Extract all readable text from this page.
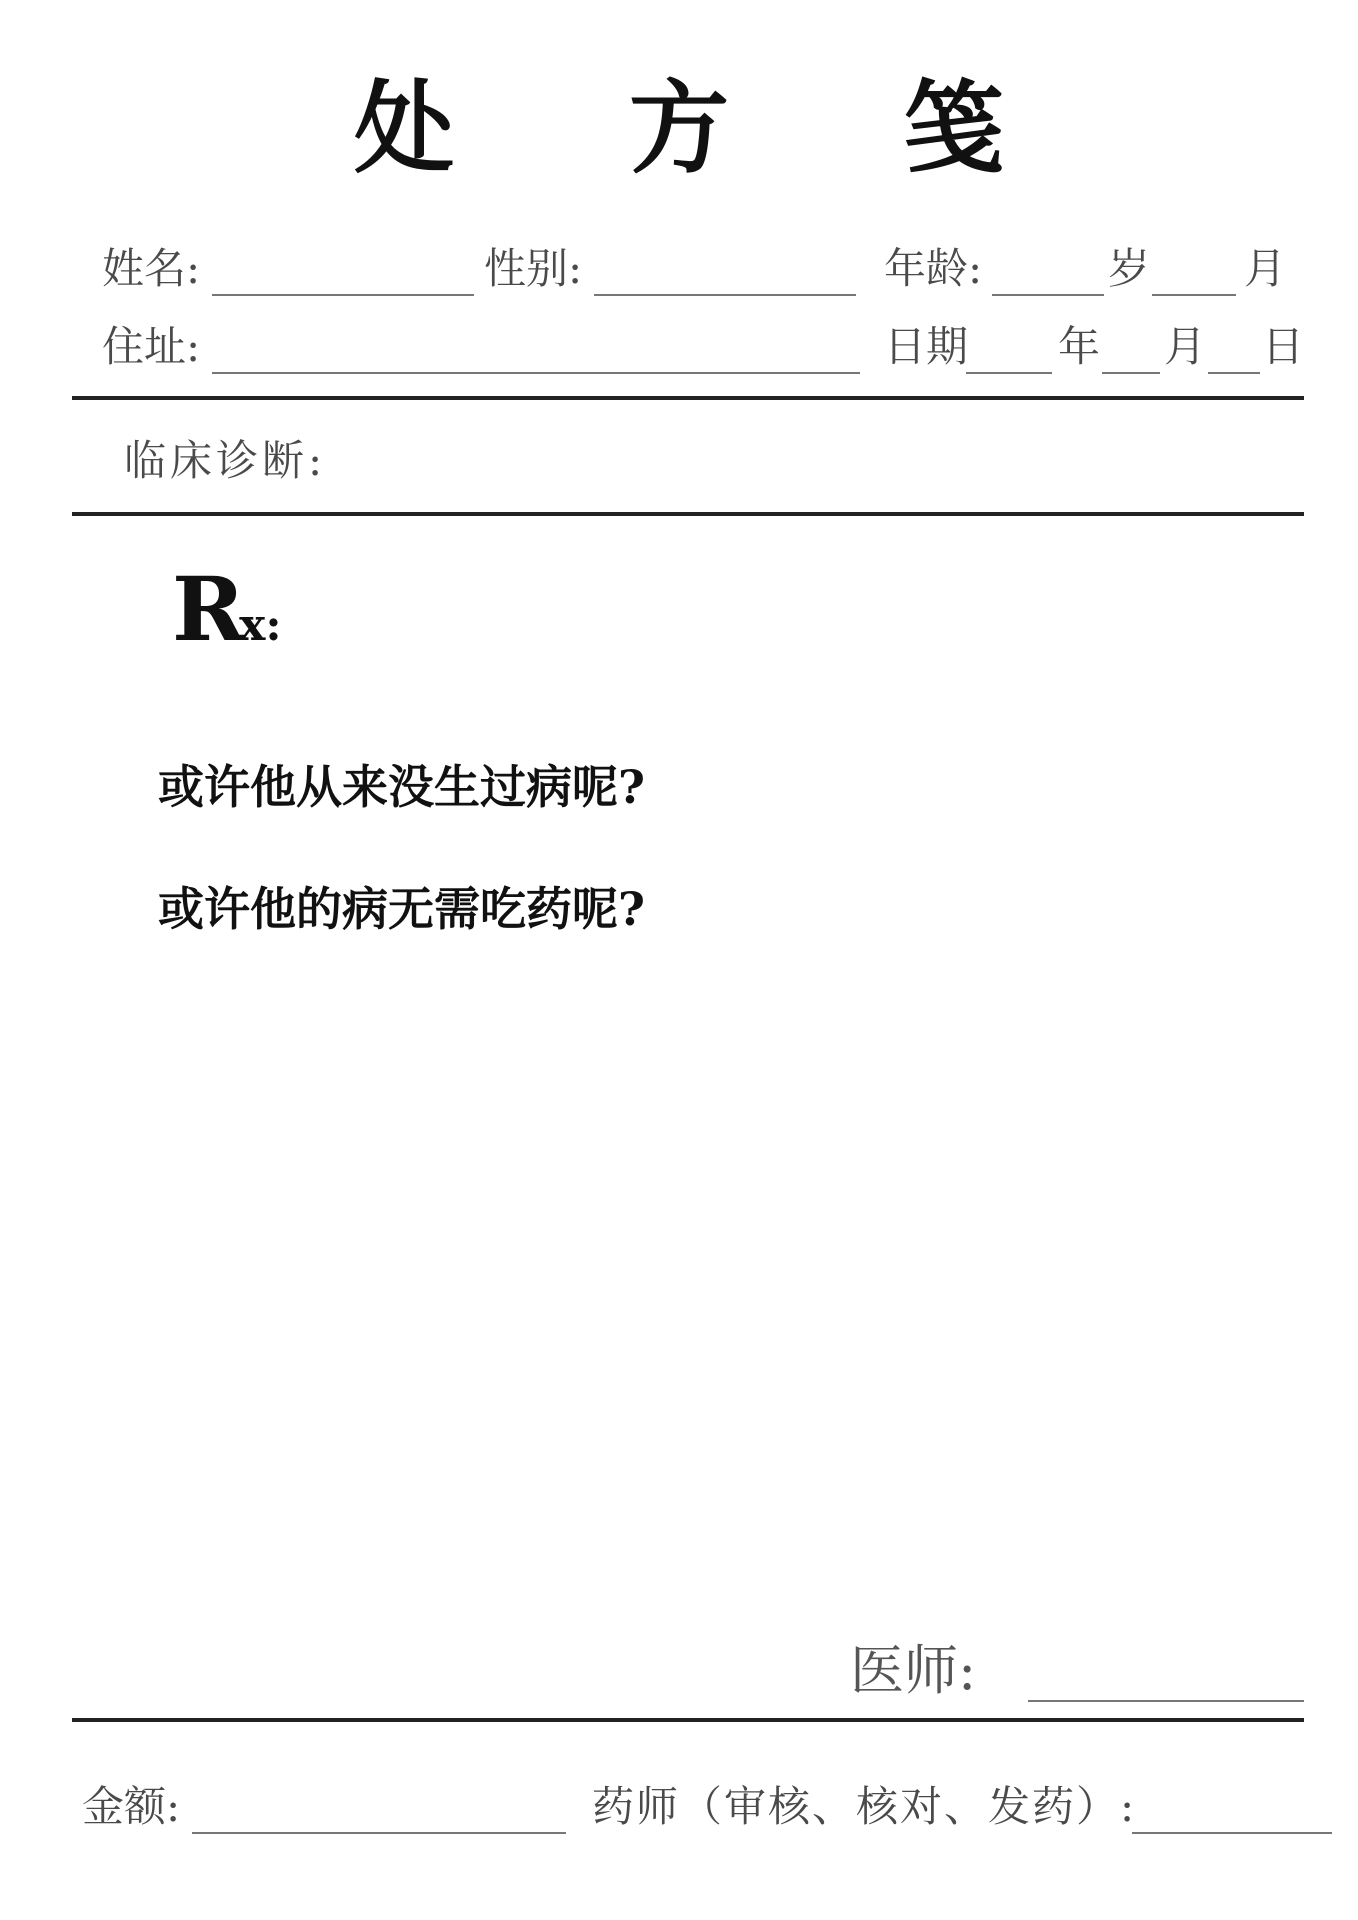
处 方 笺
姓名:	性别:	年龄:	岁 月
住址:	日期 年 月 日
临床诊断:
Rx:
或许他从来没生过病呢?
或许他的病无需吃药呢?
医师:
金额:	药师（审核、核对、发药）:
